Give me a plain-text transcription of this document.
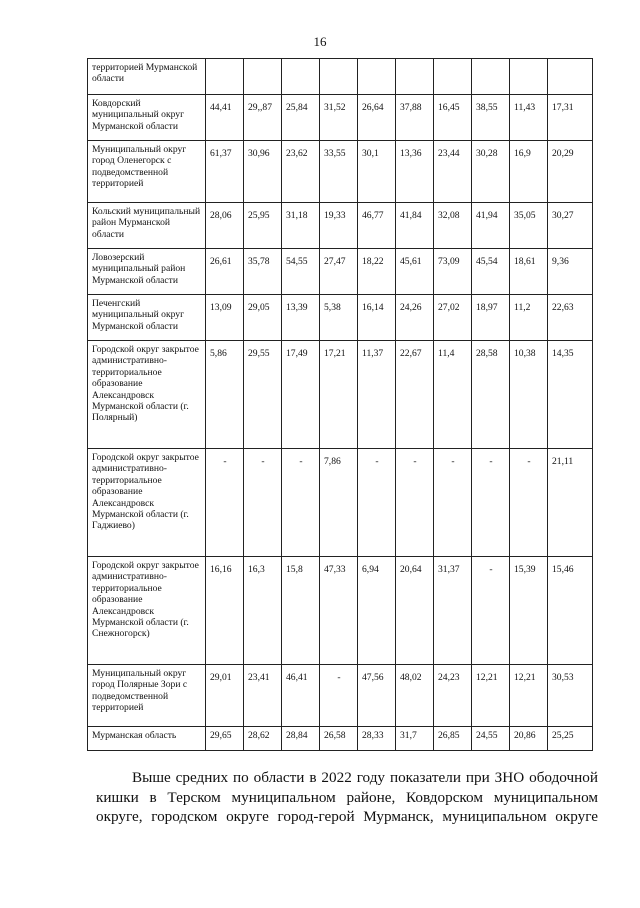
16
территорией Мурманской области										
Ковдорский муниципальный округ Мурманской области	44,41	29,,87	25,84	31,52	26,64	37,88	16,45	38,55	11,43	17,31
Муниципальный округ город Оленегорск с подведомственной территорией	61,37	30,96	23,62	33,55	30,1	13,36	23,44	30,28	16,9	20,29
Кольский муниципальный район Мурманской области	28,06	25,95	31,18	19,33	46,77	41,84	32,08	41,94	35,05	30,27
Ловозерский муниципальный район Мурманской области	26,61	35,78	54,55	27,47	18,22	45,61	73,09	45,54	18,61	9,36
Печенгский муниципальный округ Мурманской области	13,09	29,05	13,39	5,38	16,14	24,26	27,02	18,97	11,2	22,63
Городской округ закрытое административно-территориальное образование Александровск Мурманской области (г. Полярный)	5,86	29,55	17,49	17,21	11,37	22,67	11,4	28,58	10,38	14,35
Городской округ закрытое административно-территориальное образование Александровск Мурманской области (г. Гаджиево)	-	-	-	7,86	-	-	-	-	-	21,11
Городской округ закрытое административно-территориальное образование Александровск Мурманской области (г. Снежногорск)	16,16	16,3	15,8	47,33	6,94	20,64	31,37	-	15,39	15,46
Муниципальный округ город Полярные Зори с подведомственной территорией	29,01	23,41	46,41	-	47,56	48,02	24,23	12,21	12,21	30,53
Мурманская область	29,65	28,62	28,84	26,58	28,33	31,7	26,85	24,55	20,86	25,25

Выше средних по области в 2022 году показатели при ЗНО ободочной
кишки в Терском муниципальном районе, Ковдорском муниципальном
округе, городском округе город-герой Мурманск, муниципальном округе
